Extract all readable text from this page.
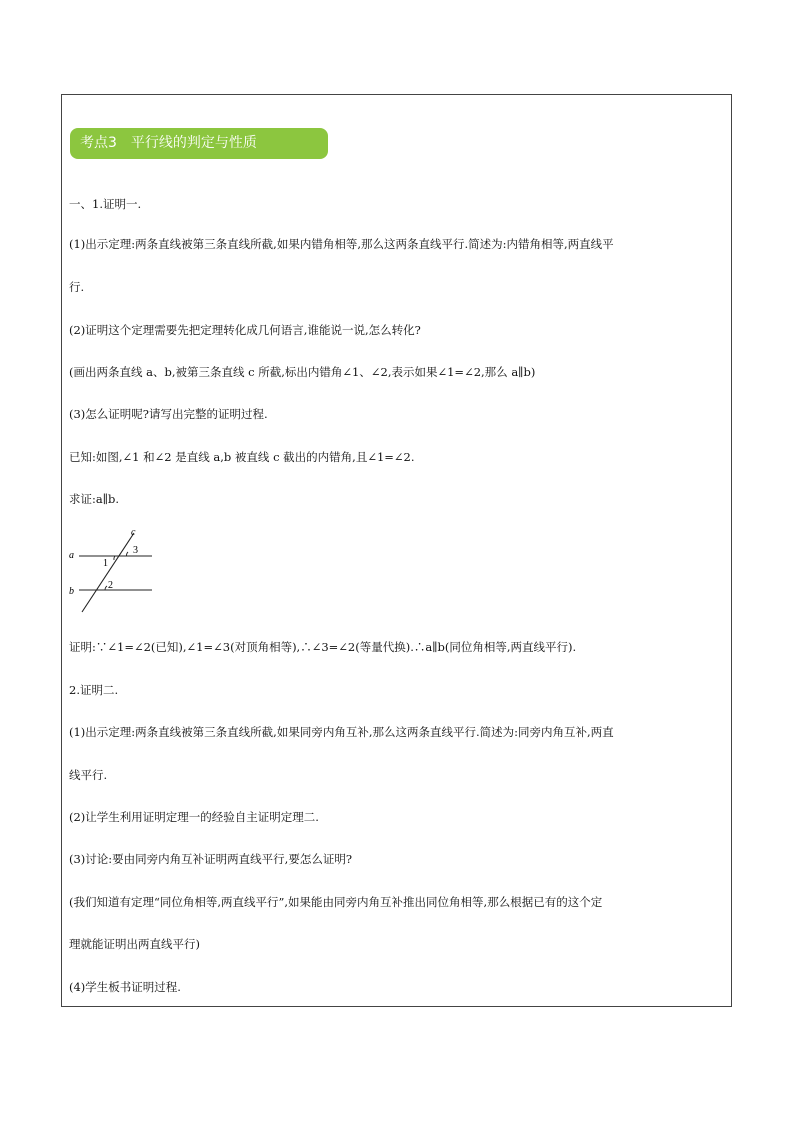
考点3 平行线的判定与性质
一、1.证明一.
(1)出示定理:两条直线被第三条直线所截,如果内错角相等,那么这两条直线平行.简述为:内错角相等,两直线平
行.
(2)证明这个定理需要先把定理转化成几何语言,谁能说一说,怎么转化?
(画出两条直线 a、b,被第三条直线 c 所截,标出内错角∠1、∠2,表示如果∠1=∠2,那么 a∥b)
(3)怎么证明呢?请写出完整的证明过程.
已知:如图,∠1 和∠2 是直线 a,b 被直线 c 截出的内错角,且∠1=∠2.
求证:a∥b.
a
b
c
1
2
3
证明:∵∠1=∠2(已知),∠1=∠3(对顶角相等),∴∠3=∠2(等量代换).∴a∥b(同位角相等,两直线平行).
2.证明二.
(1)出示定理:两条直线被第三条直线所截,如果同旁内角互补,那么这两条直线平行.简述为:同旁内角互补,两直
线平行.
(2)让学生利用证明定理一的经验自主证明定理二.
(3)讨论:要由同旁内角互补证明两直线平行,要怎么证明?
(我们知道有定理“同位角相等,两直线平行”,如果能由同旁内角互补推出同位角相等,那么根据已有的这个定
理就能证明出两直线平行)
(4)学生板书证明过程.
